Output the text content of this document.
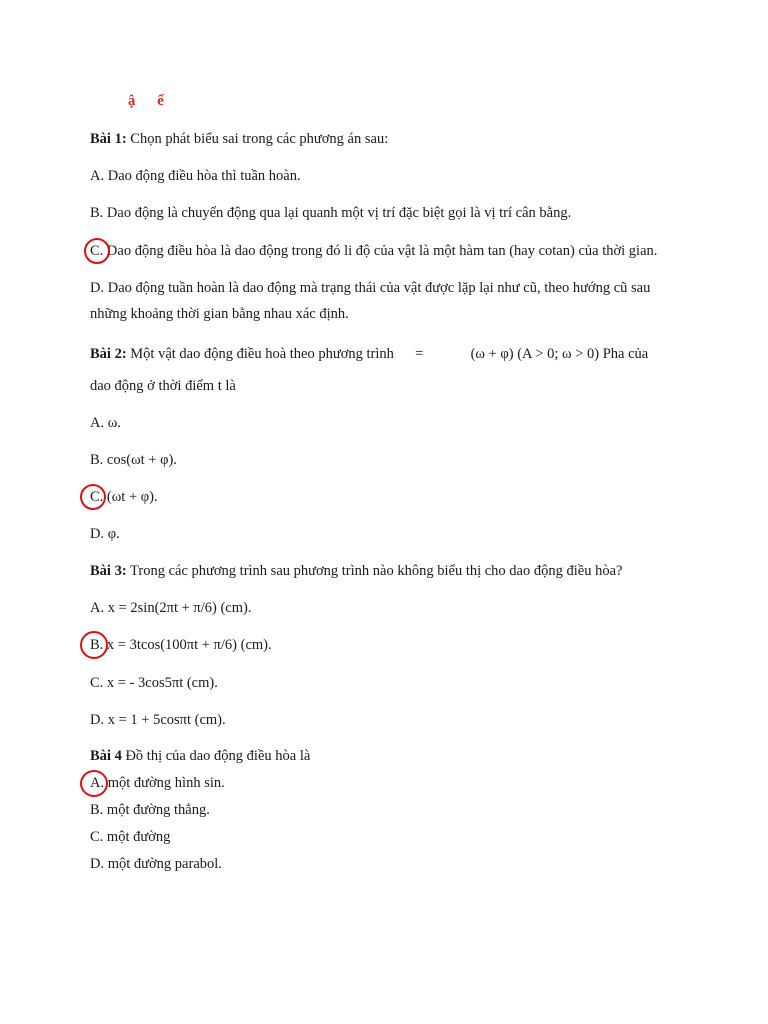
ậ ế
Bài 1: Chọn phát biểu sai trong các phương án sau:
A. Dao động điều hòa thì tuần hoàn.
B. Dao động là chuyển động qua lại quanh một vị trí đặc biệt gọi là vị trí cân bằng.
C. Dao động điều hòa là dao động trong đó li độ của vật là một hàm tan (hay cotan) của thời gian.
D. Dao động tuần hoàn là dao động mà trạng thái của vật được lặp lại như cũ, theo hướng cũ sau
những khoảng thời gian bằng nhau xác định.
Bài 2: Một vật dao động điều hoà theo phương trình =	(ω + φ) (A > 0; ω > 0) Pha của
dao động ở thời điểm t là
A. ω.
B. cos(ωt + φ).
C. (ωt + φ).
D. φ.
Bài 3: Trong các phương trình sau phương trình nào không biểu thị cho dao động điều hòa?
A. x = 2sin(2πt + π/6) (cm).
B. x = 3tcos(100πt + π/6) (cm).
C. x = - 3cos5πt (cm).
D. x = 1 + 5cosπt (cm).
Bài 4 Đồ thị của dao động điều hòa là
A. một đường hình sin.
B. một đường thẳng.
C. một đường
D. một đường parabol.
